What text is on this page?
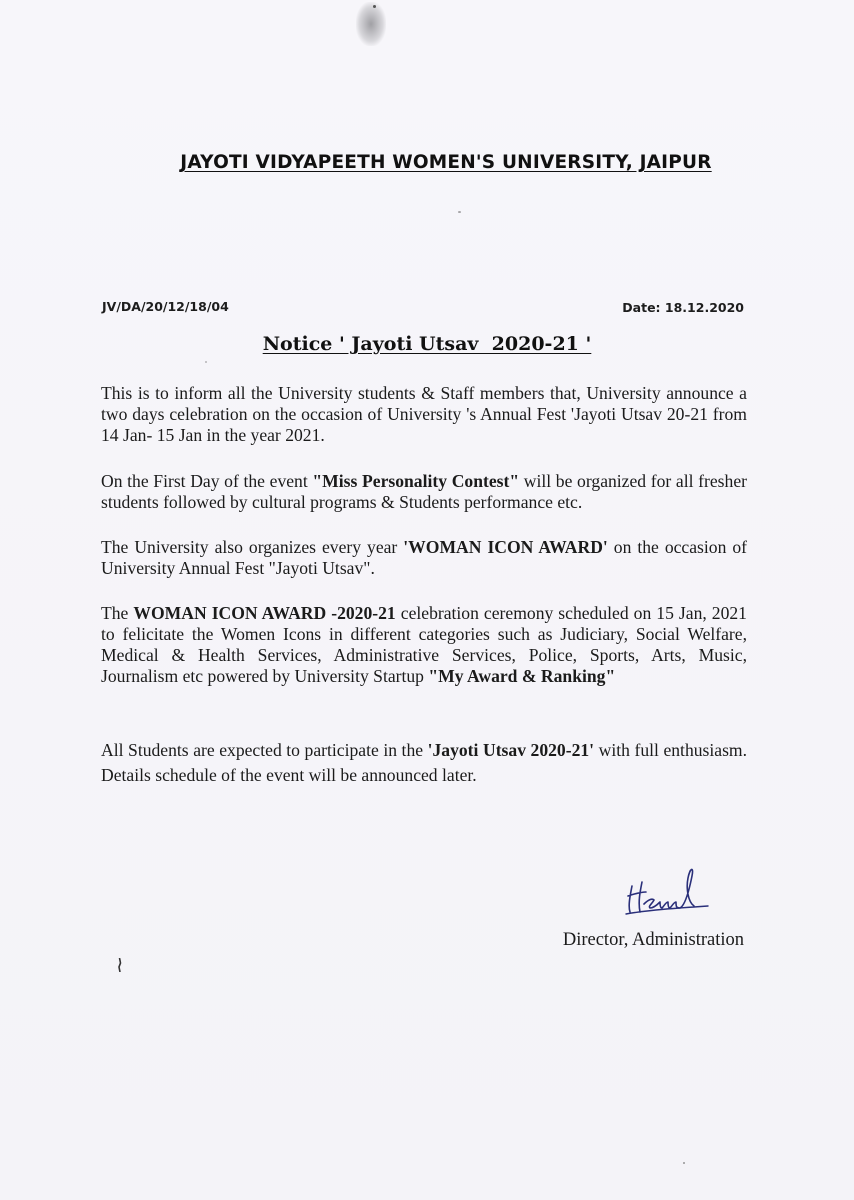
JAYOTI VIDYAPEETH WOMEN'S UNIVERSITY, JAIPUR
JV/DA/20/12/18/04	Date: 18.12.2020
Notice ' Jayoti Utsav  2020-21 '

This is to inform all the University students & Staff members that, University announce a two days celebration on the occasion of University 's Annual Fest 'Jayoti Utsav 20-21 from 14 Jan- 15 Jan in the year 2021.

On the First Day of the event "Miss Personality Contest" will be organized for all fresher students followed by cultural programs & Students performance etc.

The University also organizes every year 'WOMAN ICON AWARD' on the occasion of University Annual Fest "Jayoti Utsav".

The WOMAN ICON AWARD -2020-21 celebration ceremony scheduled on 15 Jan, 2021 to felicitate the Women Icons in different categories such as Judiciary, Social Welfare, Medical & Health Services, Administrative Services, Police, Sports, Arts, Music, Journalism etc powered by University Startup "My Award & Ranking"

All Students are expected to participate in the 'Jayoti Utsav 2020-21' with full enthusiasm. Details schedule of the event will be announced later.

Director, Administration
